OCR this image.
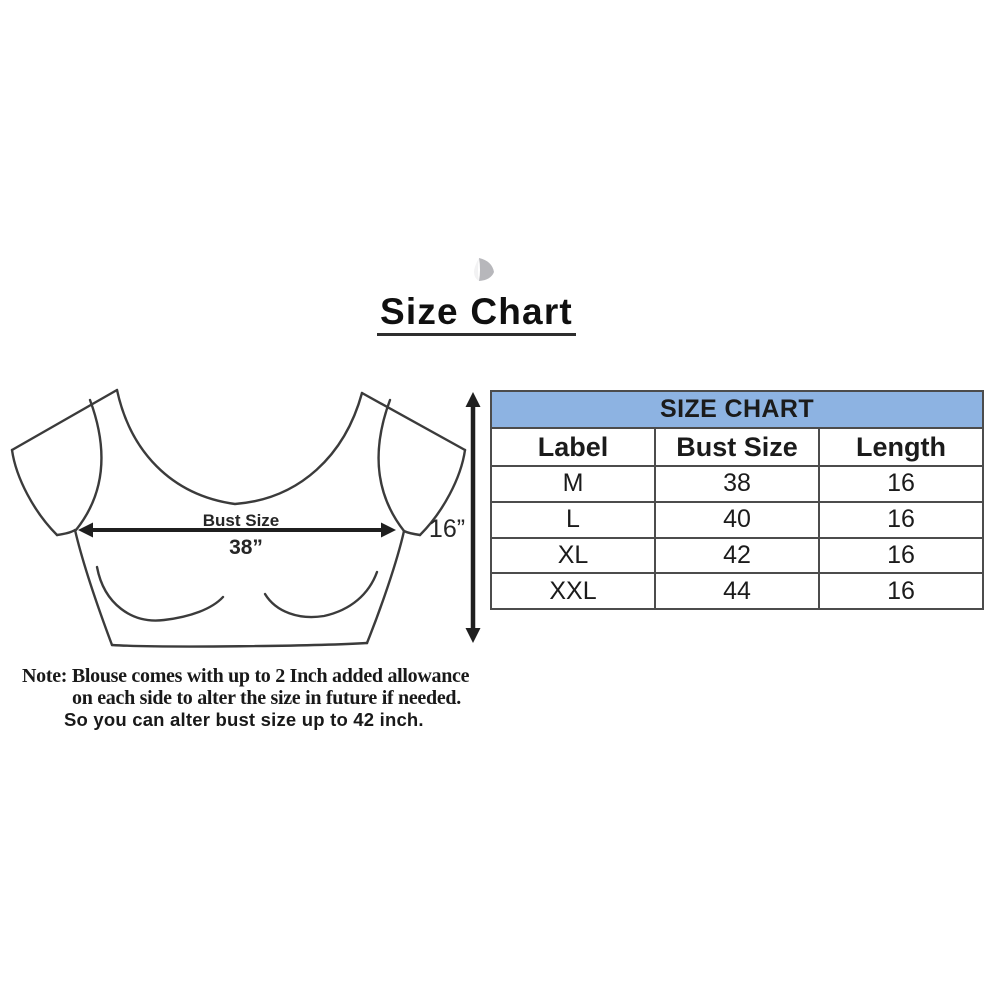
Size Chart
Bust Size
38”
16”
SIZE CHART		
Label	Bust Size	Length
M	38	16
L	40	16
XL	42	16
XXL	44	16
Note: Blouse comes with up to 2 Inch added allowance
on each side to alter the size in future if needed.
So you can alter bust size up to 42 inch.
